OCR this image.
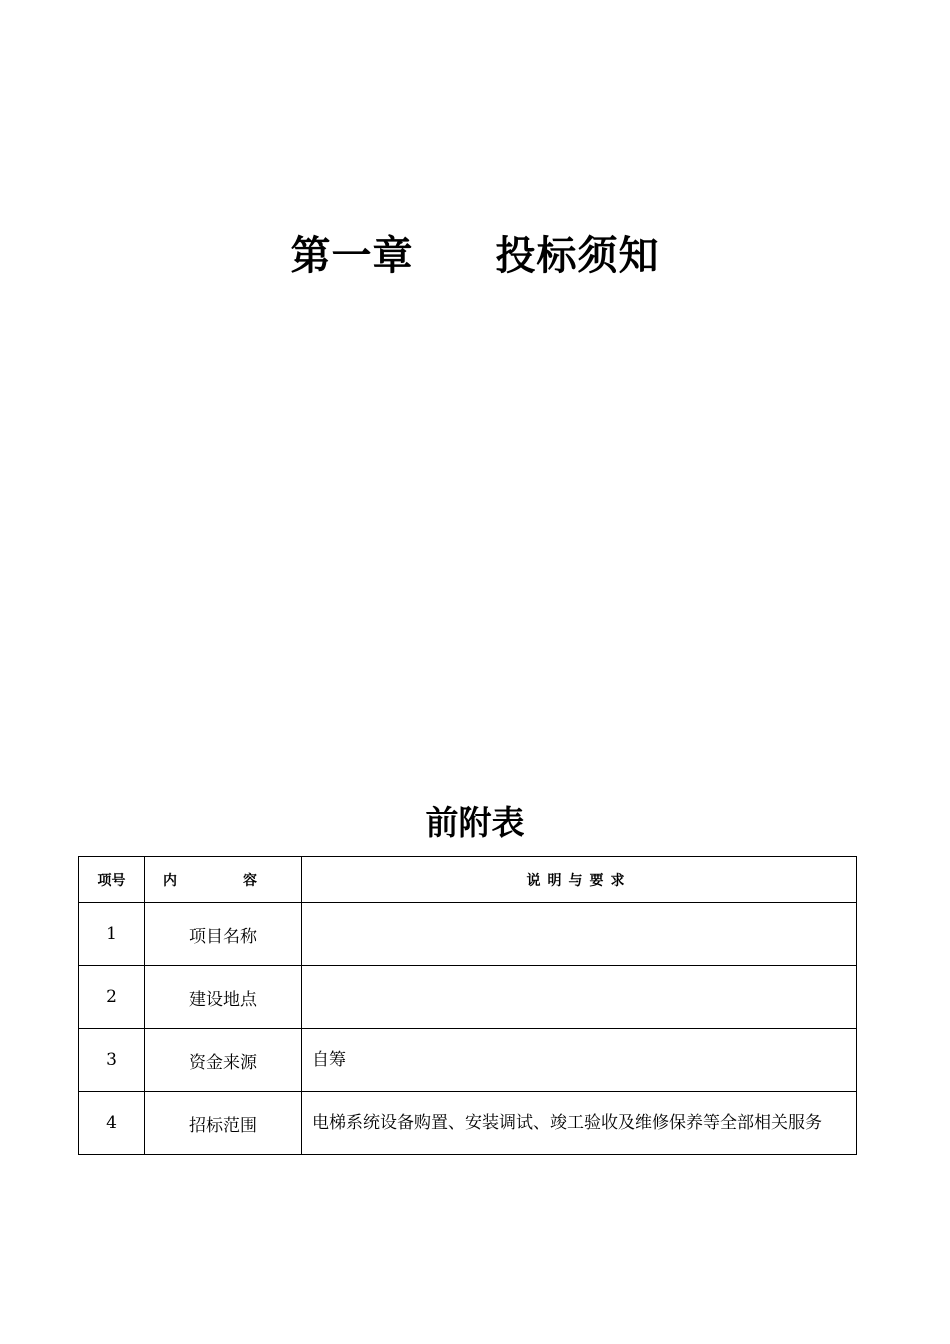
第一章　　投标须知
前附表
项号	内　容	说明与要求
1	项目名称	
2	建设地点	
3	资金来源	自筹
4	招标范围	电梯系统设备购置、安装调试、竣工验收及维修保养等全部相关服务
